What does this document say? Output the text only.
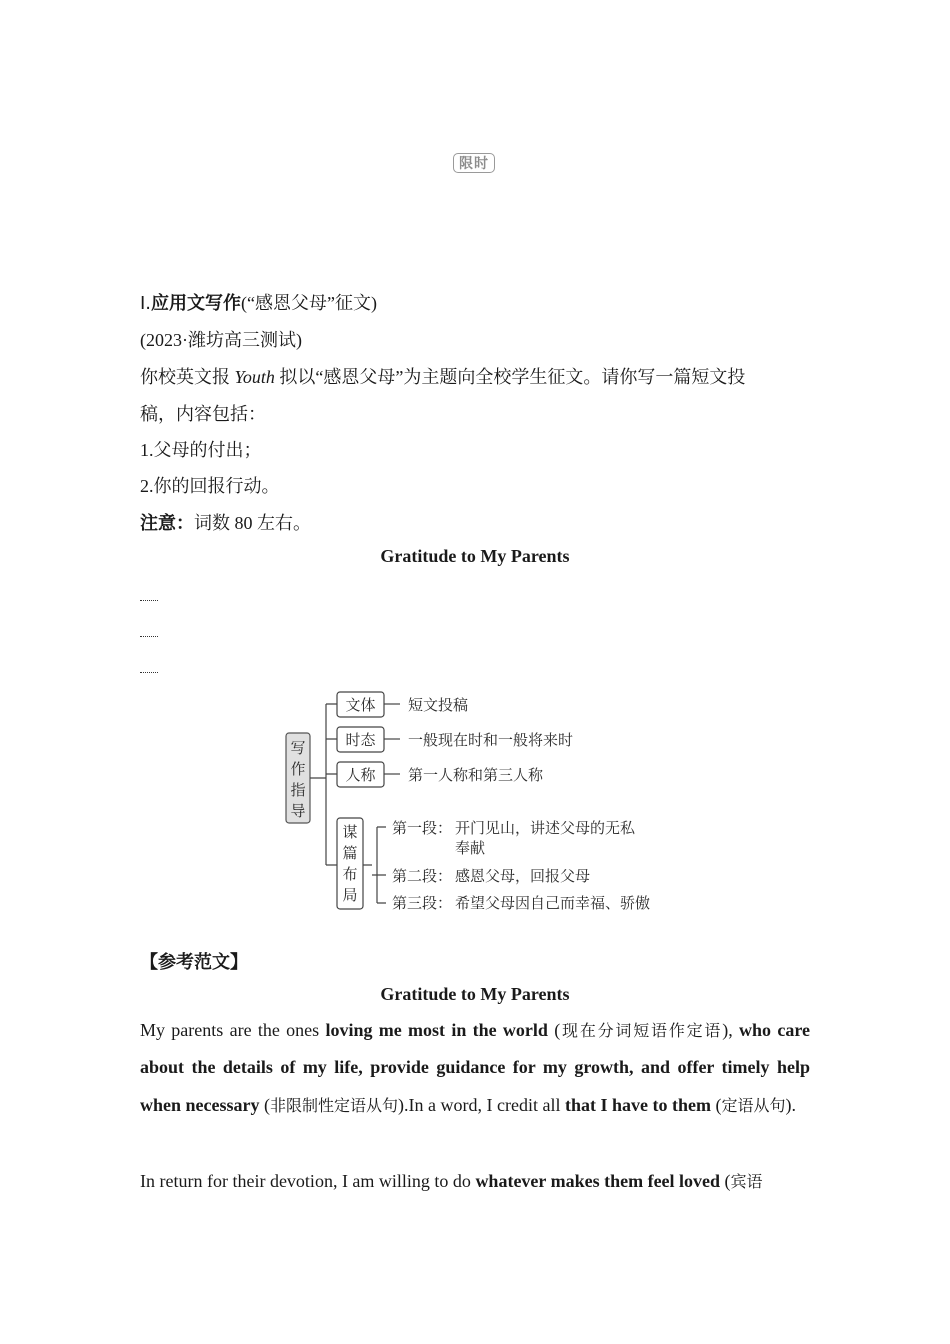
限时
Ⅰ.应用文写作(“感恩父母”征文)
(2023·潍坊高三测试)
你校英文报 Youth 拟以“感恩父母”为主题向全校学生征文。请你写一篇短文投
稿，内容包括：
1.父母的付出；
2.你的回报行动。
注意：词数 80 左右。
Gratitude to My Parents
写
作
指
导
文体 短文投稿
时态 一般现在时和一般将来时
人称 第一人称和第三人称
谋
篇
布
局
第一段： 开门见山，讲述父母的无私
奉献
第二段： 感恩父母，回报父母
第三段： 希望父母因自己而幸福、骄傲
【参考范文】
Gratitude to My Parents
My parents are the ones loving me most in the world (现在分词短语作定语), who care about the details of my life, provide guidance for my growth, and offer timely help when necessary (非限制性定语从句).In a word, I credit all that I have to them (定语从句).
In return for their devotion, I am willing to do whatever makes them feel loved (宾语
